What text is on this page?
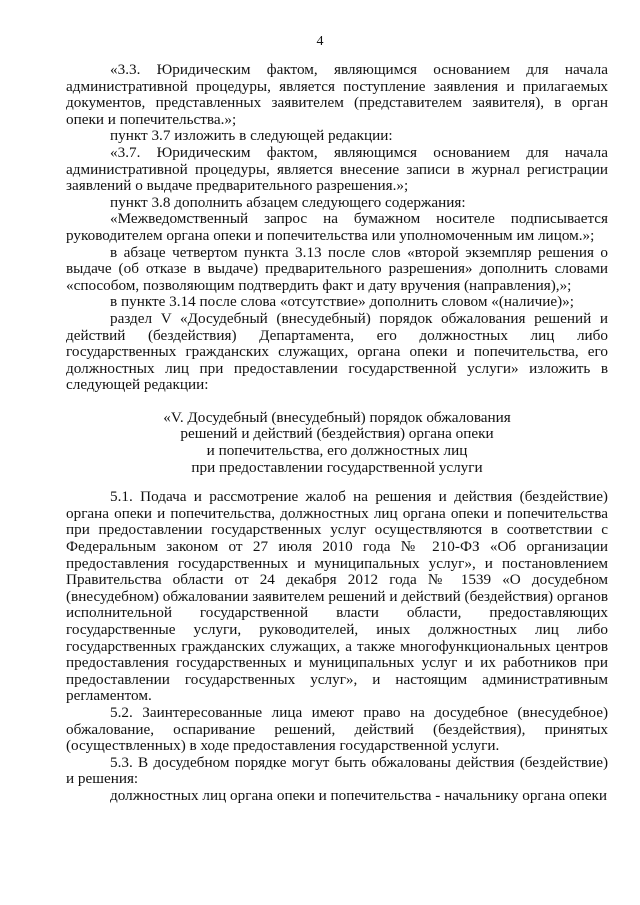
4

«3.3. Юридическим фактом, являющимся основанием для начала административной процедуры, является поступление заявления и прилагаемых документов, представленных заявителем (представителем заявителя), в орган опеки и попечительства.»;

пункт 3.7 изложить в следующей редакции:

«3.7. Юридическим фактом, являющимся основанием для начала административной процедуры, является внесение записи в журнал регистрации заявлений о выдаче предварительного разрешения.»;

пункт 3.8 дополнить абзацем следующего содержания:

«Межведомственный запрос на бумажном носителе подписывается руководителем органа опеки и попечительства или уполномоченным им лицом.»;

в абзаце четвертом пункта 3.13 после слов «второй экземпляр решения о выдаче (об отказе в выдаче) предварительного разрешения» дополнить словами «способом, позволяющим подтвердить факт и дату вручения (направления),»;

в пункте 3.14 после слова «отсутствие» дополнить словом «(наличие)»;

раздел V «Досудебный (внесудебный) порядок обжалования решений и действий (бездействия) Департамента, его должностных лиц либо государственных гражданских служащих, органа опеки и попечительства, его должностных лиц при предоставлении государственной услуги» изложить в следующей редакции:

«V. Досудебный (внесудебный) порядок обжалования
решений и действий (бездействия) органа опеки
и попечительства, его должностных лиц
при предоставлении государственной услуги

5.1. Подача и рассмотрение жалоб на решения и действия (бездействие) органа опеки и попечительства, должностных лиц органа опеки и попечительства при предоставлении государственных услуг осуществляются в соответствии с Федеральным законом от 27 июля 2010 года № 210-ФЗ «Об организации предоставления государственных и муниципальных услуг», и постановлением Правительства области от 24 декабря 2012 года № 1539 «О досудебном (внесудебном) обжаловании заявителем решений и действий (бездействия) органов исполнительной государственной власти области, предоставляющих государственные услуги, руководителей, иных должностных лиц либо государственных гражданских служащих, а также многофункциональных центров предоставления государственных и муниципальных услуг и их работников при предоставлении государственных услуг», и настоящим административным регламентом.

5.2. Заинтересованные лица имеют право на досудебное (внесудебное) обжалование, оспаривание решений, действий (бездействия), принятых (осуществленных) в ходе предоставления государственной услуги.

5.3. В досудебном порядке могут быть обжалованы действия (бездействие) и решения:

должностных лиц органа опеки и попечительства - начальнику органа опеки
